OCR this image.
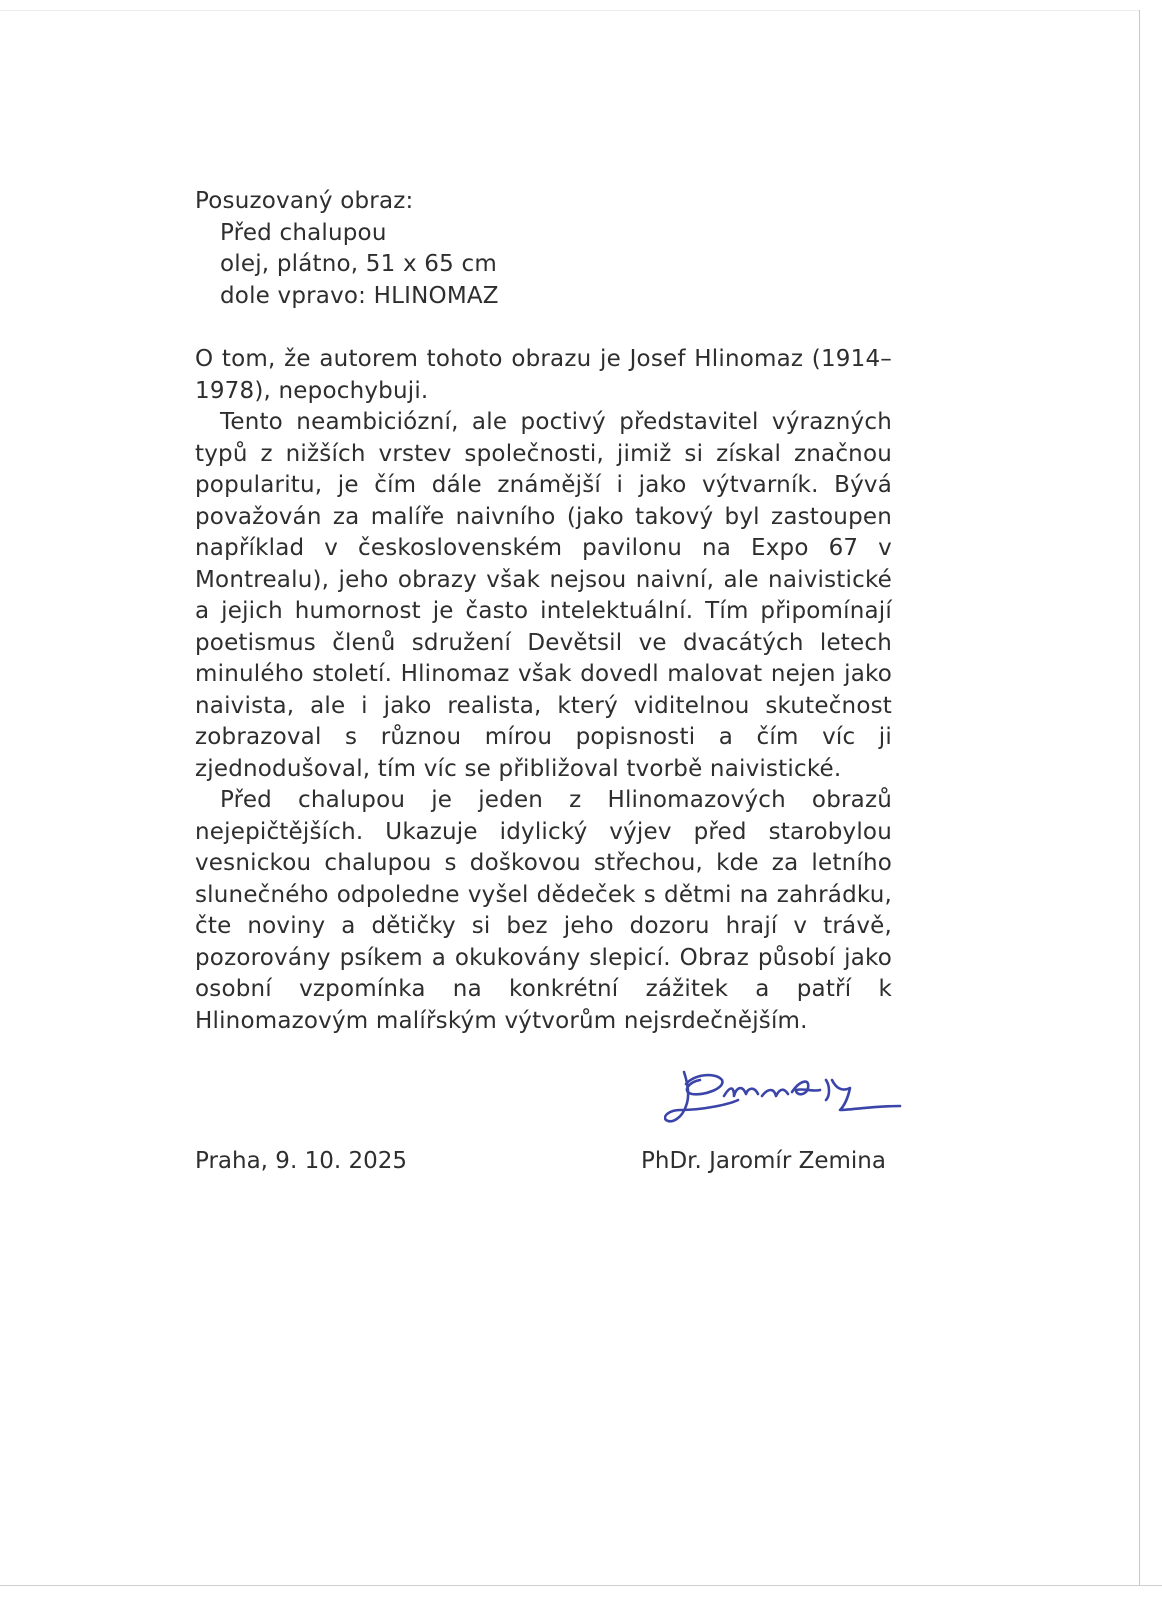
Posuzovaný obraz:
Před chalupou
olej, plátno, 51 x 65 cm
dole vpravo: HLINOMAZ

O tom, že autorem tohoto obrazu je Josef Hlinomaz (1914–1978), nepochybuji.

Tento neambiciózní, ale poctivý představitel výrazných typů z nižších vrstev společnosti, jimiž si získal značnou popularitu, je čím dále známější i jako výtvarník. Bývá považován za malíře naivního (jako takový byl zastoupen například v československém pavilonu na Expo 67 v Montrealu), jeho obrazy však nejsou naivní, ale naivistické a jejich humornost je často intelektuální. Tím připomínají poetismus členů sdružení Devětsil ve dvacátých letech minulého století. Hlinomaz však dovedl malovat nejen jako naivista, ale i jako realista, který viditelnou skutečnost zobrazoval s různou mírou popisnosti a čím víc ji zjednodušoval, tím víc se přibližoval tvorbě naivistické.

Před chalupou je jeden z Hlinomazových obrazů nejepičtějších. Ukazuje idylický výjev před starobylou vesnickou chalupou s doškovou střechou, kde za letního slunečného odpoledne vyšel dědeček s dětmi na zahrádku, čte noviny a dětičky si bez jeho dozoru hrají v trávě, pozorovány psíkem a okukovány slepicí. Obraz působí jako osobní vzpomínka na konkrétní zážitek a patří k Hlinomazovým malířským výtvorům nejsrdečnějším.

Praha, 9. 10. 2025	PhDr. Jaromír Zemina
